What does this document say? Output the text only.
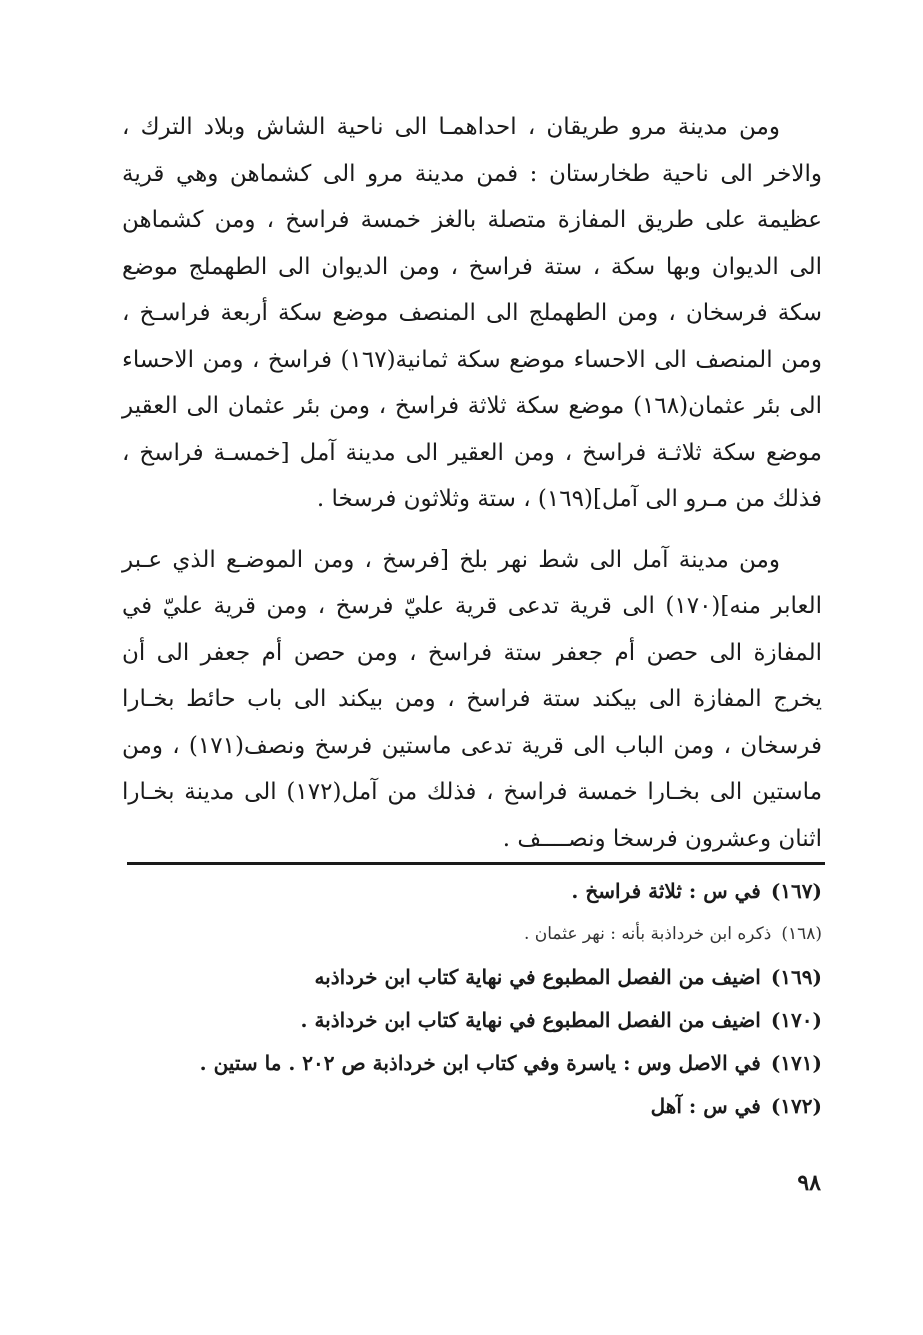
ومن مدينة مرو طريقان ، احداهمـا الى ناحية الشاش وبلاد الترك ، والاخر الى ناحية طخارستان : فمن مدينة مرو الى كشماهن وهي قرية عظيمة على طريق المفازة متصلة بالغز خمسة فراسخ ، ومن كشماهن الى الديوان وبها سكة ، ستة فراسخ ، ومن الديوان الى الطهملج موضع سكة فرسخان ، ومن الطهملج الى المنصف موضع سكة أربعة فراسـخ ، ومن المنصف الى الاحساء موضع سكة ثمانية(١٦٧) فراسخ ، ومن الاحساء الى بئر عثمان(١٦٨) موضع سكة ثلاثة فراسخ ، ومن بئر عثمان الى العقير موضع سكة ثلاثـة فراسخ ، ومن العقير الى مدينة آمل [خمسـة فراسخ ، فذلك من مـرو الى آمل](١٦٩) ، ستة وثلاثون فرسخا .

ومن مدينة آمل الى شط نهر بلخ [فرسخ ، ومن الموضـع الذي عـبر العابر منه](١٧٠) الى قرية تدعى قرية عليّ فرسخ ، ومن قرية عليّ في المفازة الى حصن أم جعفر ستة فراسخ ، ومن حصن أم جعفر الى أن يخرج المفازة الى بيكند ستة فراسخ ، ومن بيكند الى باب حائط بخـارا فرسخان ، ومن الباب الى قرية تدعى ماستين فرسخ ونصف(١٧١) ، ومن ماستين الى بخـارا خمسة فراسخ ، فذلك من آمل(١٧٢) الى مدينة بخـارا اثنان وعشرون فرسخا ونصــــف .

(١٦٧)
في س : ثلاثة فراسخ .
(١٦٨)
ذكره ابن خرداذبة بأنه : نهر عثمان .
(١٦٩)
اضيف من الفصل المطبوع في نهاية كتاب ابن خرداذبه
(١٧٠)
اضيف من الفصل المطبوع في نهاية كتاب ابن خرداذبة .
(١٧١)
في الاصل وس : ياسرة وفي كتاب ابن خرداذبة ص ٢٠٢ . ما ستين .
(١٧٢)
في س : آهل
٩٨
